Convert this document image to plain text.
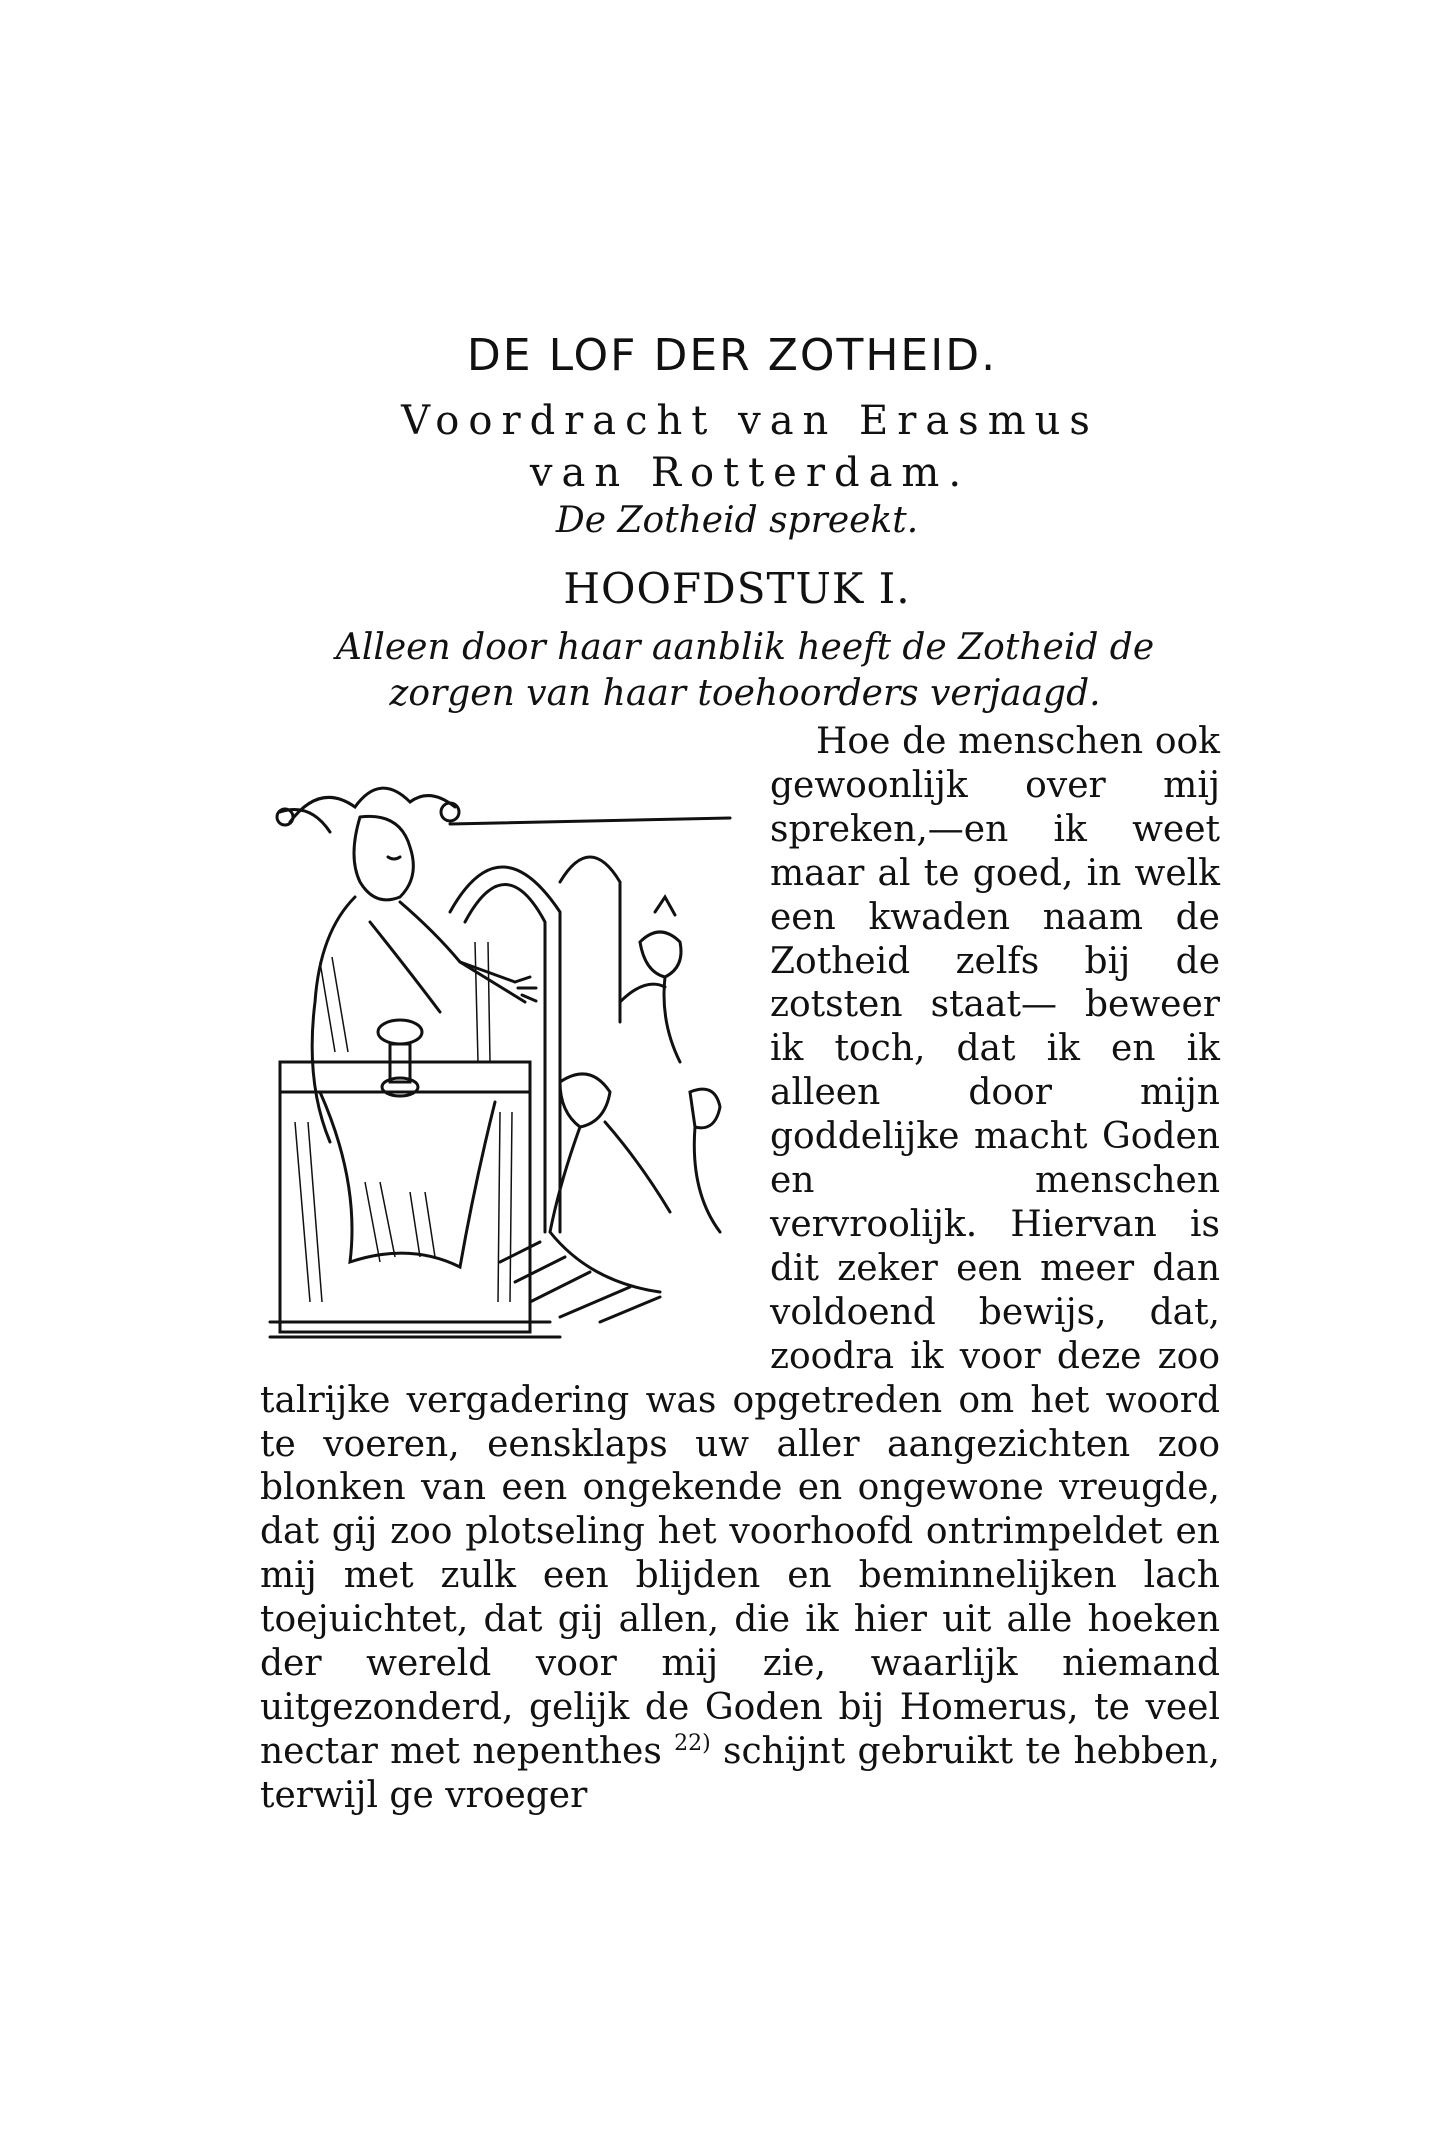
DE LOF DER ZOTHEID.
Voordracht van Erasmus
van Rotterdam.
De Zotheid spreekt.
HOOFDSTUK I.
Alleen door haar aanblik heeft de Zotheid de zorgen van haar toehoorders verjaagd.

Hoe de menschen ook gewoonlijk over mij spreken,—en ik weet maar al te goed, in welk een kwaden naam de Zotheid zelfs bij de zotsten staat— beweer ik toch, dat ik en ik alleen door mijn goddelijke macht Goden en menschen vervroolijk. Hiervan is dit zeker een meer dan voldoend bewijs, dat, zoodra ik voor deze zoo talrijke vergadering was opgetreden om het woord te voeren, eensklaps uw aller aangezichten zoo blonken van een ongekende en ongewone vreugde, dat gij zoo plotseling het voorhoofd ontrimpeldet en mij met zulk een blijden en beminnelijken lach toejuichtet, dat gij allen, die ik hier uit alle hoeken der wereld voor mij zie, waarlijk niemand uitgezonderd, gelijk de Goden bij Homerus, te veel nectar met nepenthes $^{22)}$ schijnt gebruikt te hebben, terwijl ge vroeger
